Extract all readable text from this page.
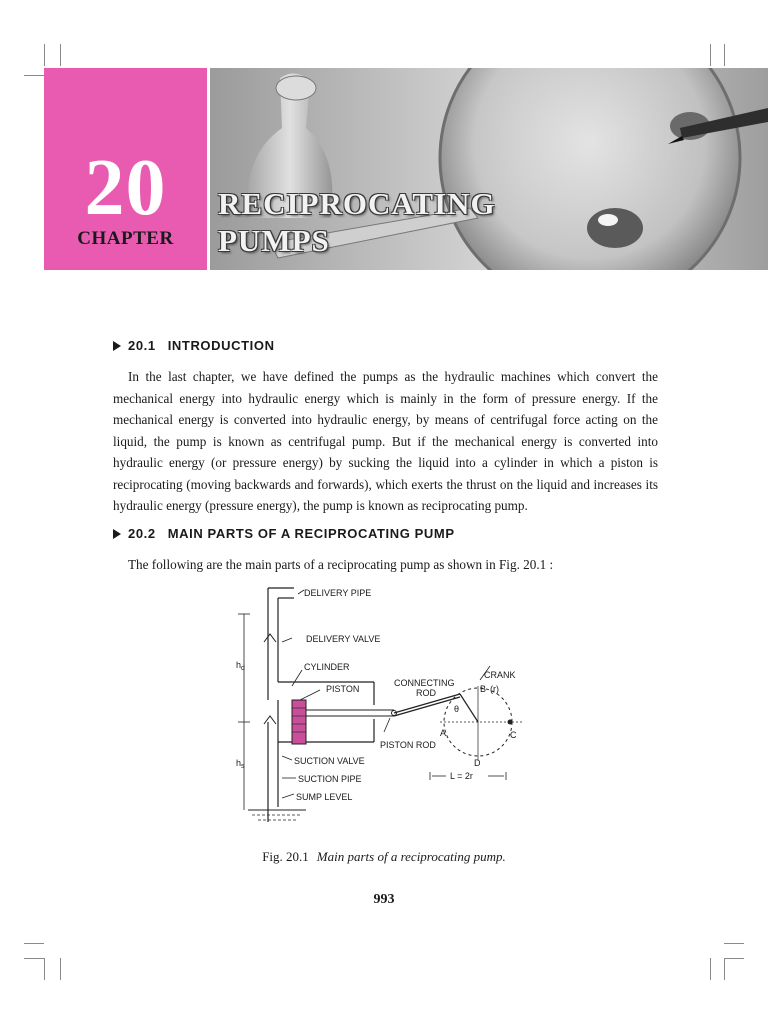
20
CHAPTER
RECIPROCATING
PUMPS
20.1 INTRODUCTION
In the last chapter, we have defined the pumps as the hydraulic machines which convert the mechanical energy into hydraulic energy which is mainly in the form of pressure energy. If the mechanical energy is converted into hydraulic energy, by means of centrifugal force acting on the liquid, the pump is known as centrifugal pump. But if the mechanical energy is converted into hydraulic energy (or pressure energy) by sucking the liquid into a cylinder in which a piston is reciprocating (moving backwards and forwards), which exerts the thrust on the liquid and increases its hydraulic energy (pressure energy), the pump is known as reciprocating pump.
20.2 MAIN PARTS OF A RECIPROCATING PUMP
The following are the main parts of a reciprocating pump as shown in Fig. 20.1 :
DELIVERY PIPE
DELIVERY VALVE
CYLINDER
PISTON
CONNECTING
ROD
CRANK
(r)
B
θ
A	C
D
PISTON ROD
SUCTION VALVE
SUCTION PIPE
SUMP LEVEL
L = 2r
$h_d$
$h_s$
Fig. 20.1 Main parts of a reciprocating pump.
993
